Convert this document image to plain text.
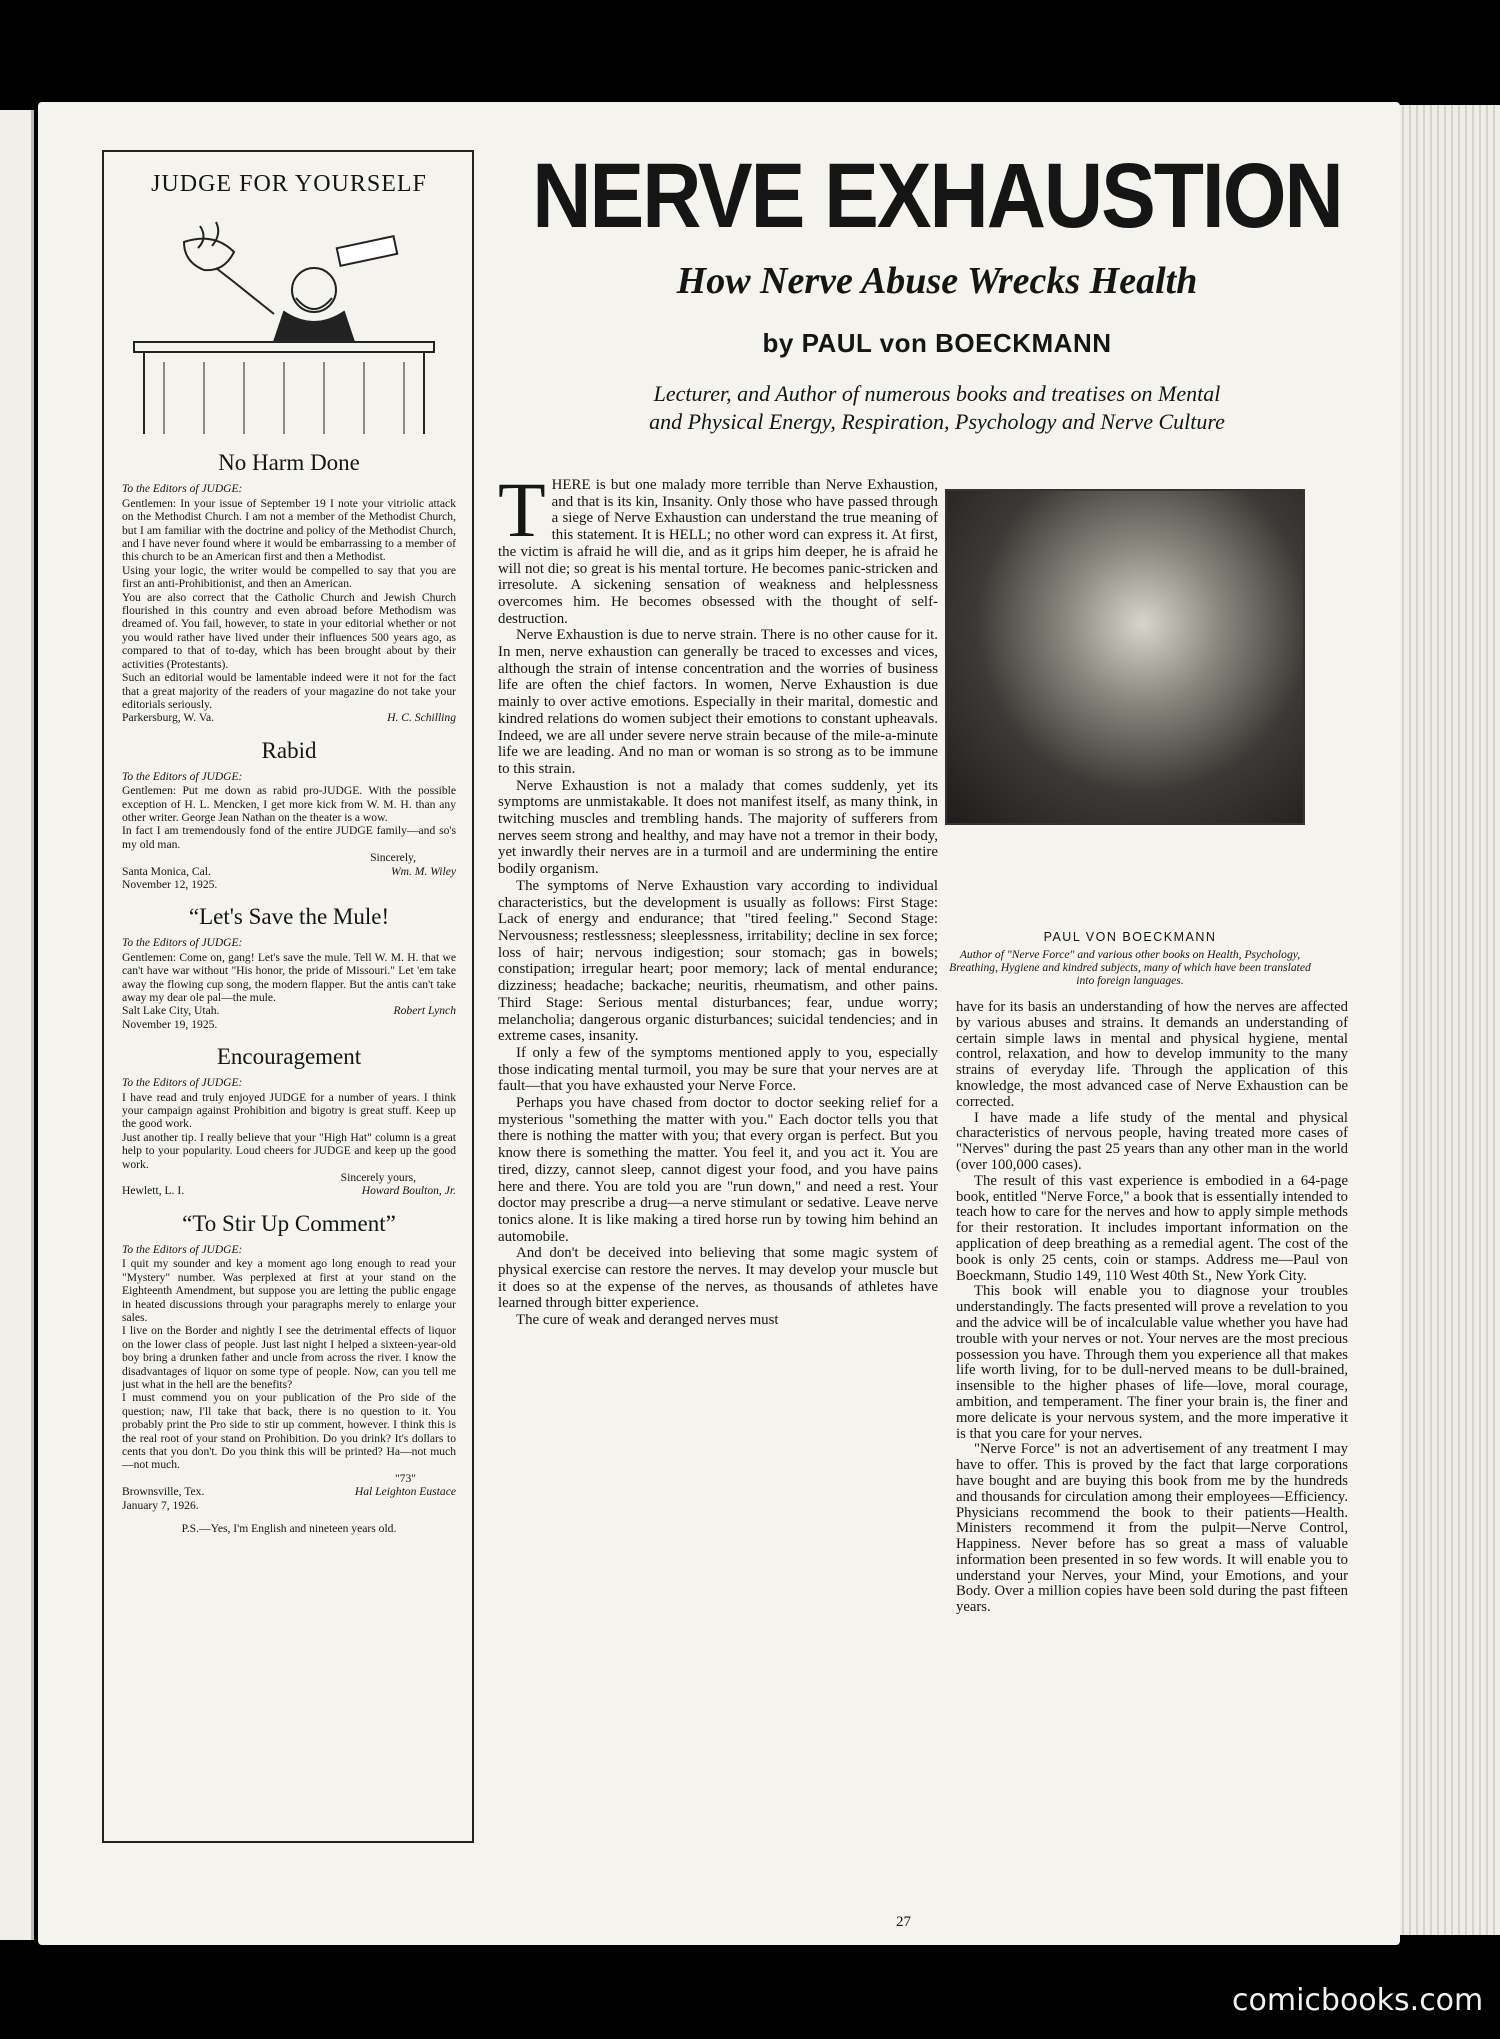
JUDGE FOR YOURSELF
No Harm Done
To the Editors of JUDGE:

Gentlemen: In your issue of September 19 I note your vitriolic attack on the Methodist Church. I am not a member of the Methodist Church, but I am familiar with the doctrine and policy of the Methodist Church, and I have never found where it would be embarrassing to a member of this church to be an American first and then a Methodist.

Using your logic, the writer would be compelled to say that you are first an anti-Prohibitionist, and then an American.

You are also correct that the Catholic Church and Jewish Church flourished in this country and even abroad before Methodism was dreamed of. You fail, however, to state in your editorial whether or not you would rather have lived under their influences 500 years ago, as compared to that of to-day, which has been brought about by their activities (Protestants).

Such an editorial would be lamentable indeed were it not for the fact that a great majority of the readers of your magazine do not take your editorials seriously.

Parkersburg, W. Va.	H. C. Schilling
Rabid
To the Editors of JUDGE:

Gentlemen: Put me down as rabid pro-JUDGE. With the possible exception of H. L. Mencken, I get more kick from W. M. H. than any other writer. George Jean Nathan on the theater is a wow.

In fact I am tremendously fond of the entire JUDGE family—and so's my old man.

Sincerely,
Santa Monica, Cal.	Wm. M. Wiley
November 12, 1925.
“Let's Save the Mule!
To the Editors of JUDGE:

Gentlemen: Come on, gang! Let's save the mule. Tell W. M. H. that we can't have war without "His honor, the pride of Missouri." Let 'em take away the flowing cup song, the modern flapper. But the antis can't take away my dear ole pal—the mule.

Salt Lake City, Utah.	Robert Lynch
November 19, 1925.
Encouragement
To the Editors of JUDGE:

I have read and truly enjoyed JUDGE for a number of years. I think your campaign against Prohibition and bigotry is great stuff. Keep up the good work.

Just another tip. I really believe that your "High Hat" column is a great help to your popularity. Loud cheers for JUDGE and keep up the good work.

Sincerely yours,
Hewlett, L. I.	Howard Boulton, Jr.
“To Stir Up Comment”
To the Editors of JUDGE:

I quit my sounder and key a moment ago long enough to read your "Mystery" number. Was perplexed at first at your stand on the Eighteenth Amendment, but suppose you are letting the public engage in heated discussions through your paragraphs merely to enlarge your sales.

I live on the Border and nightly I see the detrimental effects of liquor on the lower class of people. Just last night I helped a sixteen-year-old boy bring a drunken father and uncle from across the river. I know the disadvantages of liquor on some type of people. Now, can you tell me just what in the hell are the benefits?

I must commend you on your publication of the Pro side of the question; naw, I'll take that back, there is no question to it. You probably print the Pro side to stir up comment, however. I think this is the real root of your stand on Prohibition. Do you drink? It's dollars to cents that you don't. Do you think this will be printed? Ha—not much—not much.

"73"
Brownsville, Tex.	Hal Leighton Eustace
January 7, 1926.
P.S.—Yes, I'm English and nineteen years old.
NERVE EXHAUSTION
How Nerve Abuse Wrecks Health
by PAUL von BOECKMANN
Lecturer, and Author of numerous books and treatises on Mental
and Physical Energy, Respiration, Psychology and Nerve Culture

THERE is but one malady more terrible than Nerve Exhaustion, and that is its kin, Insanity. Only those who have passed through a siege of Nerve Exhaustion can understand the true meaning of this statement. It is HELL; no other word can express it. At first, the victim is afraid he will die, and as it grips him deeper, he is afraid he will not die; so great is his mental torture. He becomes panic-stricken and irresolute. A sickening sensation of weakness and helplessness overcomes him. He becomes obsessed with the thought of self-destruction.

Nerve Exhaustion is due to nerve strain. There is no other cause for it. In men, nerve exhaustion can generally be traced to excesses and vices, although the strain of intense concentration and the worries of business life are often the chief factors. In women, Nerve Exhaustion is due mainly to over active emotions. Especially in their marital, domestic and kindred relations do women subject their emotions to constant upheavals. Indeed, we are all under severe nerve strain because of the mile-a-minute life we are leading. And no man or woman is so strong as to be immune to this strain.

Nerve Exhaustion is not a malady that comes suddenly, yet its symptoms are unmistakable. It does not manifest itself, as many think, in twitching muscles and trembling hands. The majority of sufferers from nerves seem strong and healthy, and may have not a tremor in their body, yet inwardly their nerves are in a turmoil and are undermining the entire bodily organism.

The symptoms of Nerve Exhaustion vary according to individual characteristics, but the development is usually as follows: First Stage: Lack of energy and endurance; that "tired feeling." Second Stage: Nervousness; restlessness; sleeplessness, irritability; decline in sex force; loss of hair; nervous indigestion; sour stomach; gas in bowels; constipation; irregular heart; poor memory; lack of mental endurance; dizziness; headache; backache; neuritis, rheumatism, and other pains. Third Stage: Serious mental disturbances; fear, undue worry; melancholia; dangerous organic disturbances; suicidal tendencies; and in extreme cases, insanity.

If only a few of the symptoms mentioned apply to you, especially those indicating mental turmoil, you may be sure that your nerves are at fault—that you have exhausted your Nerve Force.

Perhaps you have chased from doctor to doctor seeking relief for a mysterious "something the matter with you." Each doctor tells you that there is nothing the matter with you; that every organ is perfect. But you know there is something the matter. You feel it, and you act it. You are tired, dizzy, cannot sleep, cannot digest your food, and you have pains here and there. You are told you are "run down," and need a rest. Your doctor may prescribe a drug—a nerve stimulant or sedative. Leave nerve tonics alone. It is like making a tired horse run by towing him behind an automobile.

And don't be deceived into believing that some magic system of physical exercise can restore the nerves. It may develop your muscle but it does so at the expense of the nerves, as thousands of athletes have learned through bitter experience.

The cure of weak and deranged nerves must

PAUL VON BOECKMANN
Author of "Nerve Force" and various other books on Health, Psychology, Breathing, Hygiene and kindred subjects, many of which have been translated into foreign languages.

have for its basis an understanding of how the nerves are affected by various abuses and strains. It demands an understanding of certain simple laws in mental and physical hygiene, mental control, relaxation, and how to develop immunity to the many strains of everyday life. Through the application of this knowledge, the most advanced case of Nerve Exhaustion can be corrected.

I have made a life study of the mental and physical characteristics of nervous people, having treated more cases of "Nerves" during the past 25 years than any other man in the world (over 100,000 cases).

The result of this vast experience is embodied in a 64-page book, entitled "Nerve Force," a book that is essentially intended to teach how to care for the nerves and how to apply simple methods for their restoration. It includes important information on the application of deep breathing as a remedial agent. The cost of the book is only 25 cents, coin or stamps. Address me—Paul von Boeckmann, Studio 149, 110 West 40th St., New York City.

This book will enable you to diagnose your troubles understandingly. The facts presented will prove a revelation to you and the advice will be of incalculable value whether you have had trouble with your nerves or not. Your nerves are the most precious possession you have. Through them you experience all that makes life worth living, for to be dull-nerved means to be dull-brained, insensible to the higher phases of life—love, moral courage, ambition, and temperament. The finer your brain is, the finer and more delicate is your nervous system, and the more imperative it is that you care for your nerves.

"Nerve Force" is not an advertisement of any treatment I may have to offer. This is proved by the fact that large corporations have bought and are buying this book from me by the hundreds and thousands for circulation among their employees—Efficiency. Physicians recommend the book to their patients—Health. Ministers recommend it from the pulpit—Nerve Control, Happiness. Never before has so great a mass of valuable information been presented in so few words. It will enable you to understand your Nerves, your Mind, your Emotions, and your Body. Over a million copies have been sold during the past fifteen years.

27
comicbooks.com
